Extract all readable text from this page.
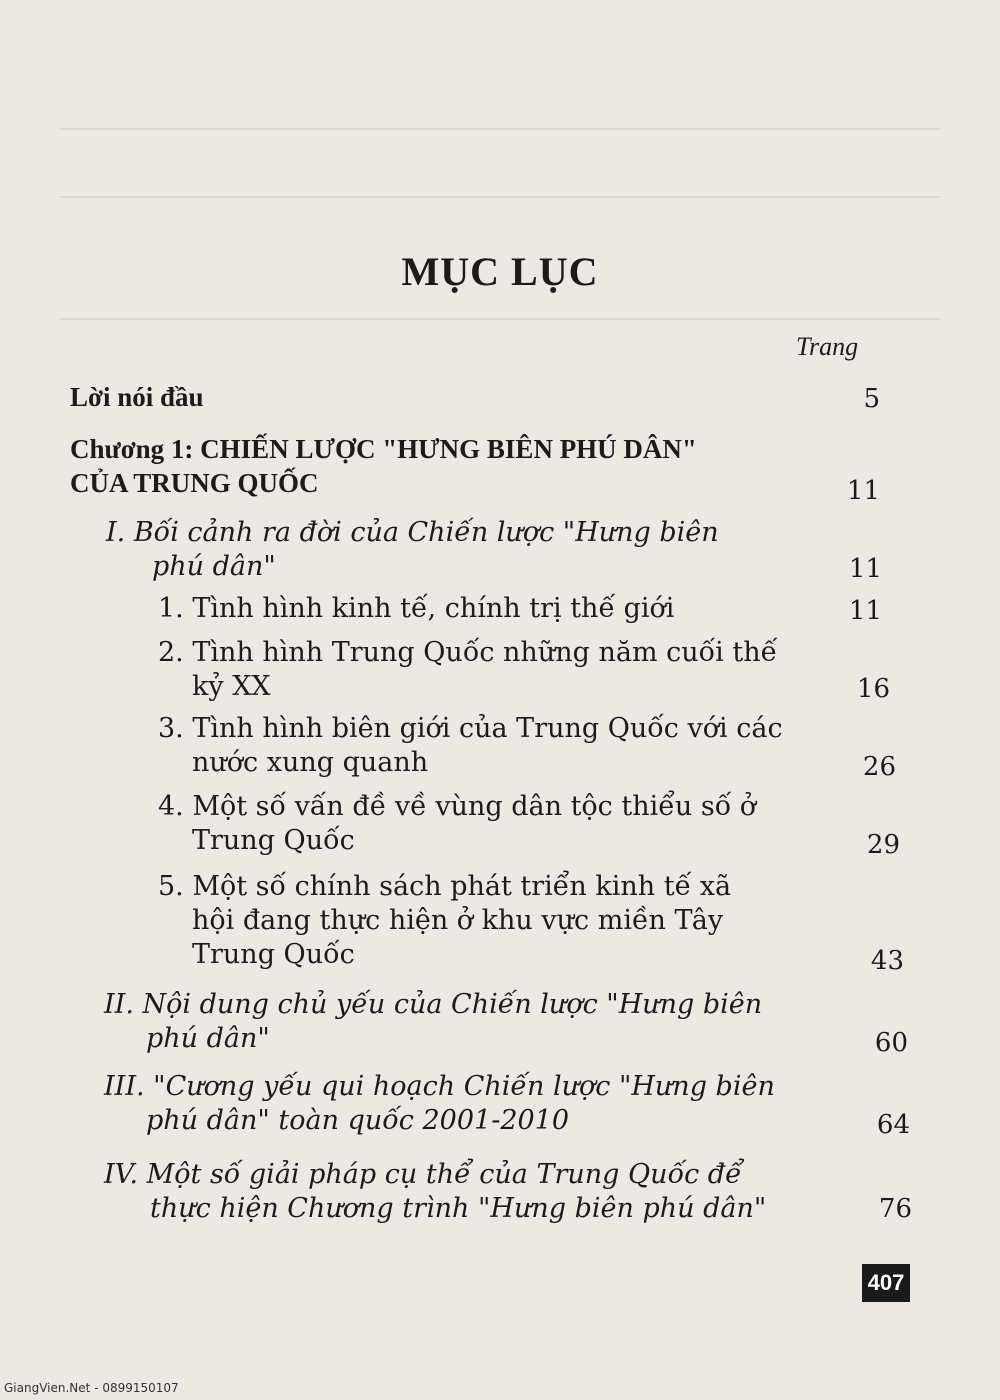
MỤC LỤC
Trang
Lời nói đầu	5
Chương 1: CHIẾN LƯỢC "HƯNG BIÊN PHÚ DÂN"
CỦA TRUNG QUỐC	11
I. Bối cảnh ra đời của Chiến lược "Hưng biên
phú dân"	11
1. Tình hình kinh tế, chính trị thế giới	11
2. Tình hình Trung Quốc những năm cuối thế
kỷ XX	16
3. Tình hình biên giới của Trung Quốc với các
nước xung quanh	26
4. Một số vấn đề về vùng dân tộc thiểu số ở
Trung Quốc	29
5. Một số chính sách phát triển kinh tế xã
hội đang thực hiện ở khu vực miền Tây
Trung Quốc	43
II. Nội dung chủ yếu của Chiến lược "Hưng biên
phú dân"	60
III. "Cương yếu qui hoạch Chiến lược "Hưng biên
phú dân" toàn quốc 2001-2010	64
IV. Một số giải pháp cụ thể của Trung Quốc để
thực hiện Chương trình "Hưng biên phú dân"	76
407
GiangVien.Net - 0899150107
